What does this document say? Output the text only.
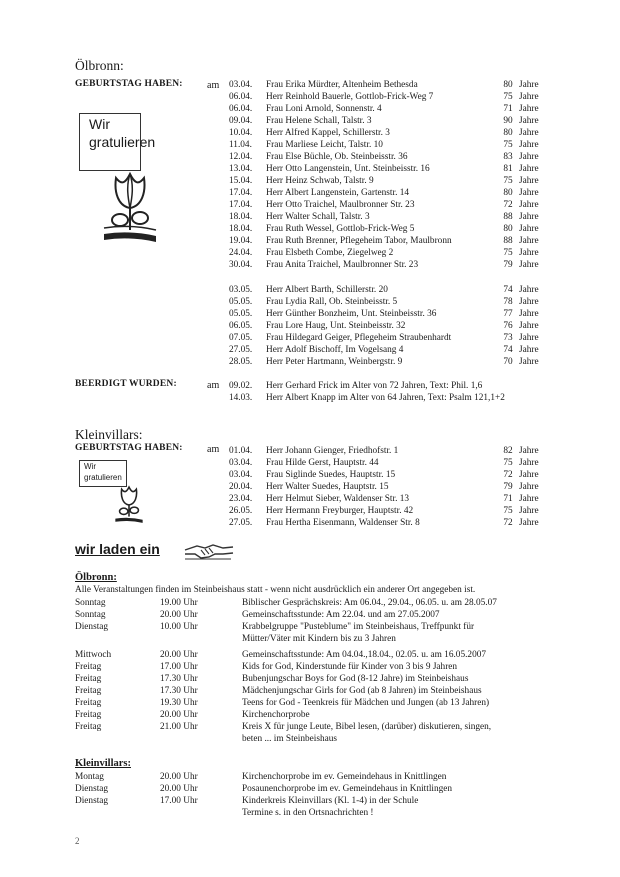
Ölbronn:
GEBURTSTAG HABEN: am
Wir
gratulieren
03.04. Frau Erika Mürdter, Altenheim Bethesda	80 Jahre
06.04. Herr Reinhold Bauerle, Gottlob-Frick-Weg 7	75 Jahre
06.04. Frau Loni Arnold, Sonnenstr. 4	71 Jahre
09.04. Frau Helene Schall, Talstr. 3	90 Jahre
10.04. Herr Alfred Kappel, Schillerstr. 3	80 Jahre
11.04. Frau Marliese Leicht, Talstr. 10	75 Jahre
12.04. Frau Else Büchle, Ob. Steinbeisstr. 36	83 Jahre
13.04. Herr Otto Langenstein, Unt. Steinbeisstr. 16	81 Jahre
15.04. Herr Heinz Schwab, Talstr. 9	75 Jahre
17.04. Herr Albert Langenstein, Gartenstr. 14	80 Jahre
17.04. Herr Otto Traichel, Maulbronner Str. 23	72 Jahre
18.04. Herr Walter Schall, Talstr. 3	88 Jahre
18.04. Frau Ruth Wessel, Gottlob-Frick-Weg 5	80 Jahre
19.04. Frau Ruth Brenner, Pflegeheim Tabor, Maulbronn	88 Jahre
24.04. Frau Elsbeth Combe, Ziegelweg 2	75 Jahre
30.04. Frau Anita Traichel, Maulbronner Str. 23	79 Jahre
03.05. Herr Albert Barth, Schillerstr. 20	74 Jahre
05.05. Frau Lydia Rall, Ob. Steinbeisstr. 5	78 Jahre
05.05. Herr Günther Bonzheim, Unt. Steinbeisstr. 36	77 Jahre
06.05. Frau Lore Haug, Unt. Steinbeisstr. 32	76 Jahre
07.05. Frau Hildegard Geiger, Pflegeheim Straubenhardt	73 Jahre
27.05. Herr Adolf Bischoff, Im Vogelsang 4	74 Jahre
28.05. Herr Peter Hartmann, Weinbergstr. 9	70 Jahre
BEERDIGT WURDEN:	am 09.02. Herr Gerhard Frick im Alter von 72 Jahren, Text: Phil. 1,6
14.03. Herr Albert Knapp im Alter von 64 Jahren, Text: Psalm 121,1+2
Kleinvillars:
GEBURTSTAG HABEN: am
Wir
gratulieren
01.04. Herr Johann Gienger, Friedhofstr. 1	82 Jahre
03.04. Frau Hilde Gerst, Hauptstr. 44	75 Jahre
03.04. Frau Siglinde Suedes, Hauptstr. 15	72 Jahre
20.04. Herr Walter Suedes, Hauptstr. 15	79 Jahre
23.04. Herr Helmut Sieber, Waldenser Str. 13	71 Jahre
26.05. Herr Hermann Freyburger, Hauptstr. 42	75 Jahre
27.05. Frau Hertha Eisenmann, Waldenser Str. 8	72 Jahre
wir laden ein
Ölbronn:
Alle Veranstaltungen finden im Steinbeishaus statt - wenn nicht ausdrücklich ein anderer Ort angegeben ist.
Sonntag	19.00 Uhr	Biblischer Gesprächskreis: Am 06.04., 29.04., 06.05. u. am 28.05.07
Sonntag	20.00 Uhr	Gemeinschaftsstunde: Am 22.04. und am 27.05.2007
Dienstag	10.00 Uhr	Krabbelgruppe "Pusteblume" im Steinbeishaus, Treffpunkt für
Mütter/Väter mit Kindern bis zu 3 Jahren
Mittwoch	20.00 Uhr	Gemeinschaftsstunde: Am 04.04.,18.04., 02.05. u. am 16.05.2007
Freitag	17.00 Uhr	Kids for God, Kinderstunde für Kinder von 3 bis 9 Jahren
Freitag	17.30 Uhr	Bubenjungschar Boys for God (8-12 Jahre) im Steinbeishaus
Freitag	17.30 Uhr	Mädchenjungschar Girls for God (ab 8 Jahren) im Steinbeishaus
Freitag	19.30 Uhr	Teens for God - Teenkreis für Mädchen und Jungen (ab 13 Jahren)
Freitag	20.00 Uhr	Kirchenchorprobe
Freitag	21.00 Uhr	Kreis X für junge Leute, Bibel lesen, (darüber) diskutieren, singen,
beten ... im Steinbeishaus
Kleinvillars:
Montag	20.00 Uhr	Kirchenchorprobe im ev. Gemeindehaus in Knittlingen
Dienstag	20.00 Uhr	Posaunenchorprobe im ev. Gemeindehaus in Knittlingen
Dienstag	17.00 Uhr	Kinderkreis Kleinvillars (Kl. 1-4) in der Schule
Termine s. in den Ortsnachrichten !
2
